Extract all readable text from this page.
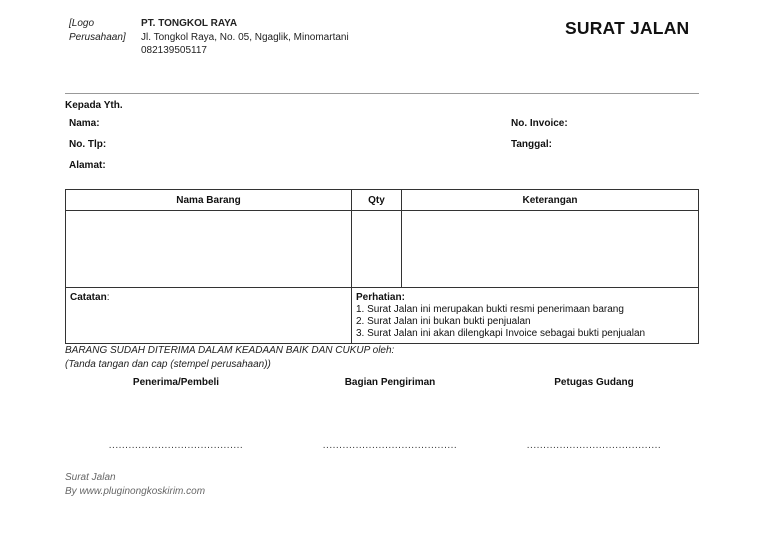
[Logo
Perusahaan]
PT. TONGKOL RAYA
Jl. Tongkol Raya, No. 05, Ngaglik, Minomartani
082139505117
SURAT JALAN
Kepada Yth.
Nama:
No. Tlp:
Alamat:
No. Invoice:
Tanggal:
Nama Barang	Qty	Keterangan

Catatan:	Perhatian:
1. Surat Jalan ini merupakan bukti resmi penerimaan barang
2. Surat Jalan ini bukan bukti penjualan
3. Surat Jalan ini akan dilengkapi Invoice sebagai bukti penjualan	
BARANG SUDAH DITERIMA DALAM KEADAAN BAIK DAN CUKUP oleh:
(Tanda tangan dan cap (stempel perusahaan))
Penerima/Pembeli	Bagian Pengiriman	Petugas Gudang
.........................................	.........................................	.........................................
Surat Jalan
By www.pluginongkoskirim.com
